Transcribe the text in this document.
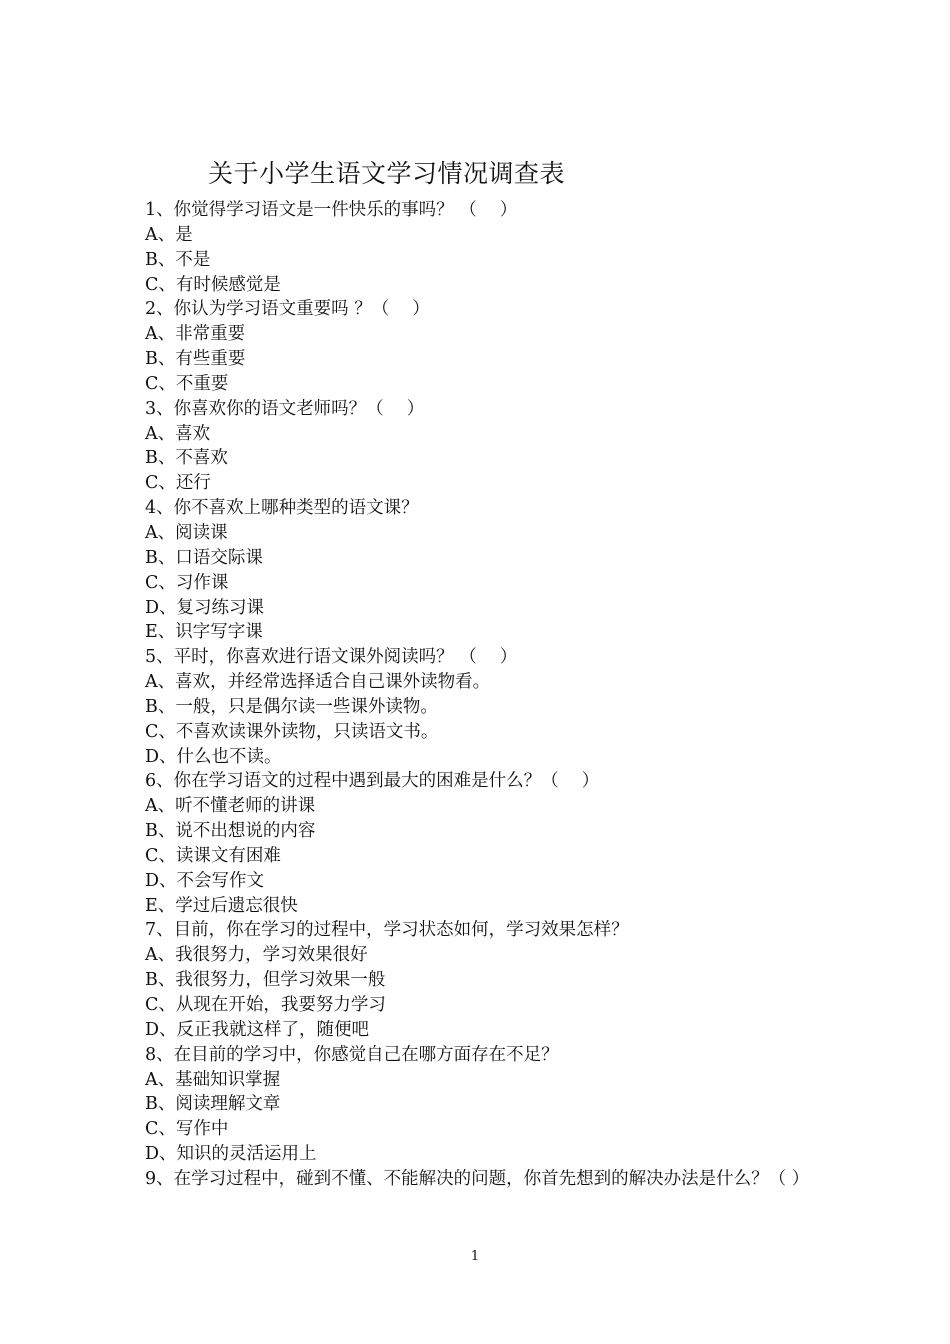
关于小学生语文学习情况调查表
1、你觉得学习语文是一件快乐的事吗？ （　 ）
A、是
B、不是
C、有时候感觉是
2、你认为学习语文重要吗 ？（　 ）
A、非常重要
B、有些重要
C、不重要
3、你喜欢你的语文老师吗？（　 ）
A、喜欢
B、不喜欢
C、还行
4、你不喜欢上哪种类型的语文课？
A、阅读课
B、口语交际课
C、习作课
D、复习练习课
E、识字写字课
5、平时，你喜欢进行语文课外阅读吗？ （　 ）
A、喜欢，并经常选择适合自己课外读物看。
B、一般，只是偶尔读一些课外读物。
C、不喜欢读课外读物，只读语文书。
D、什么也不读。
6、你在学习语文的过程中遇到最大的困难是什么？（　 ）
A、听不懂老师的讲课
B、说不出想说的内容
C、读课文有困难
D、不会写作文
E、学过后遗忘很快
7、目前，你在学习的过程中，学习状态如何，学习效果怎样？
A、我很努力，学习效果很好
B、我很努力，但学习效果一般
C、从现在开始，我要努力学习
D、反正我就这样了，随便吧
8、在目前的学习中，你感觉自己在哪方面存在不足？
A、基础知识掌握
B、阅读理解文章
C、写作中
D、知识的灵活运用上
9、在学习过程中，碰到不懂、不能解决的问题，你首先想到的解决办法是什么？（ ）
1
